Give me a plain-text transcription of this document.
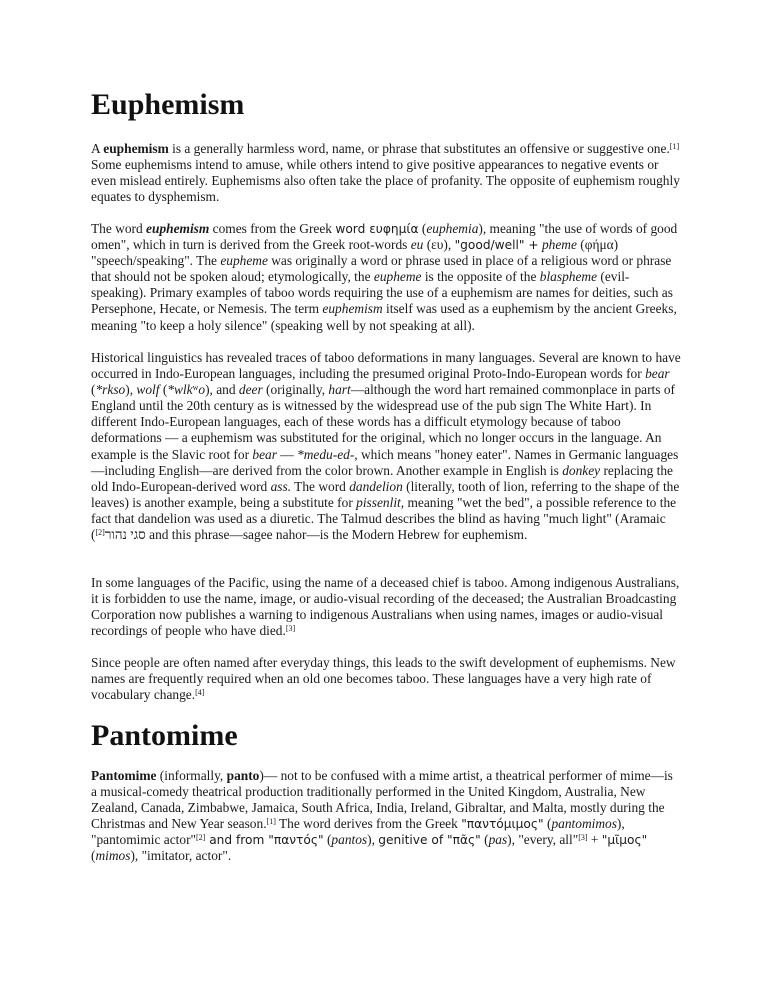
Euphemism

A euphemism is a generally harmless word, name, or phrase that substitutes an offensive or suggestive one.[1] Some euphemisms intend to amuse, while others intend to give positive appearances to negative events or even mislead entirely. Euphemisms also often take the place of profanity. The opposite of euphemism roughly equates to dysphemism.

The word euphemism comes from the Greek word ευφημία (euphemia), meaning "the use of words of good omen", which in turn is derived from the Greek root-words eu (ευ), "good/well" + pheme (φήμα) "speech/speaking". The eupheme was originally a word or phrase used in place of a religious word or phrase that should not be spoken aloud; etymologically, the eupheme is the opposite of the blaspheme (evil-speaking). Primary examples of taboo words requiring the use of a euphemism are names for deities, such as Persephone, Hecate, or Nemesis. The term euphemism itself was used as a euphemism by the ancient Greeks, meaning "to keep a holy silence" (speaking well by not speaking at all).

Historical linguistics has revealed traces of taboo deformations in many languages. Several are known to have occurred in Indo-European languages, including the presumed original Proto-Indo-European words for bear (*rkso), wolf (*wlk$^w$o), and deer (originally, hart—although the word hart remained commonplace in parts of England until the 20th century as is witnessed by the widespread use of the pub sign The White Hart). In different Indo-European languages, each of these words has a difficult etymology because of taboo deformations — a euphemism was substituted for the original, which no longer occurs in the language. An example is the Slavic root for bear — *medu-ed-, which means "honey eater". Names in Germanic languages—including English—are derived from the color brown. Another example in English is donkey replacing the old Indo-European-derived word ass. The word dandelion (literally, tooth of lion, referring to the shape of the leaves) is another example, being a substitute for pissenlit, meaning "wet the bed", a possible reference to the fact that dandelion was used as a diuretic. The Talmud describes the blind as having "much light" (Aramaic ( סגי נהור[2]	and this phrase—sagee nahor—is the Modern Hebrew for euphemism.

In some languages of the Pacific, using the name of a deceased chief is taboo. Among indigenous Australians, it is forbidden to use the name, image, or audio-visual recording of the deceased; the Australian Broadcasting Corporation now publishes a warning to indigenous Australians when using names, images or audio-visual recordings of people who have died.[3]

Since people are often named after everyday things, this leads to the swift development of euphemisms. New names are frequently required when an old one becomes taboo. These languages have a very high rate of vocabulary change.[4]

Pantomime

Pantomime (informally, panto)— not to be confused with a mime artist, a theatrical performer of mime—is a musical-comedy theatrical production traditionally performed in the United Kingdom, Australia, New Zealand, Canada, Zimbabwe, Jamaica, South Africa, India, Ireland, Gibraltar, and Malta, mostly during the Christmas and New Year season.[1] The word derives from the Greek "παντόμιμος" (pantomimos), "pantomimic actor"[2] and from "παντός" (pantos), genitive of "πᾶς" (pas), "every, all"[3] + "μῖμος" (mimos), "imitator, actor".
